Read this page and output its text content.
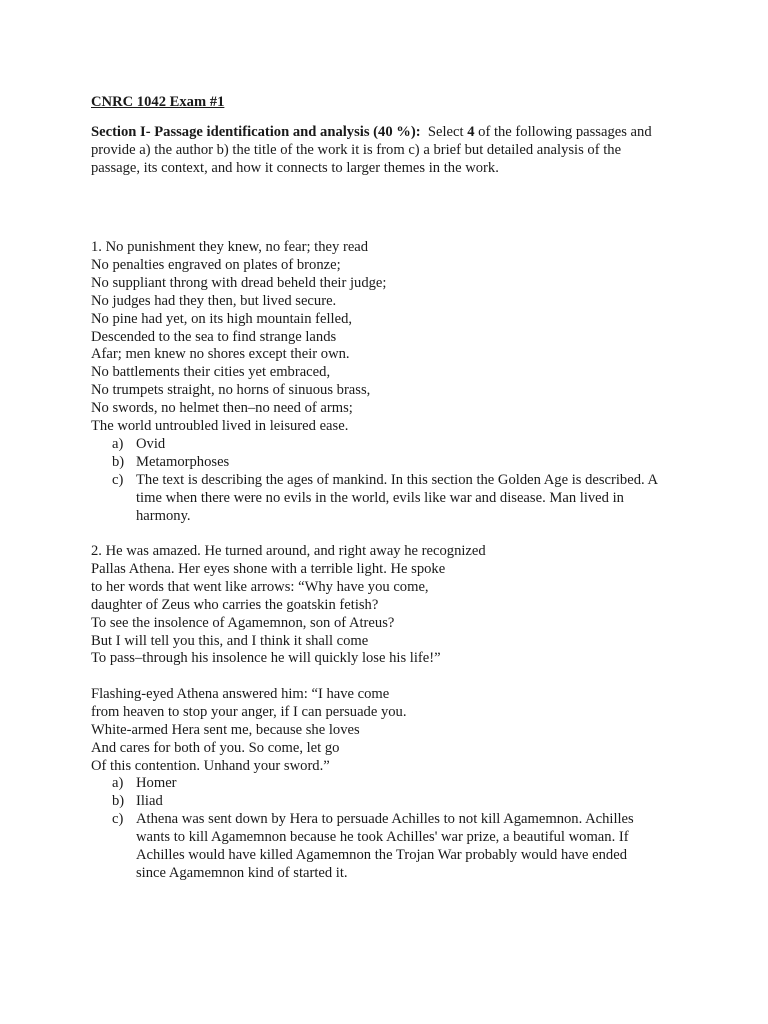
CNRC 1042 Exam #1
Section I- Passage identification and analysis (40 %): Select 4 of the following passages and
provide a) the author b) the title of the work it is from c) a brief but detailed analysis of the
passage, its context, and how it connects to larger themes in the work.
1. No punishment they knew, no fear; they read
No penalties engraved on plates of bronze;
No suppliant throng with dread beheld their judge;
No judges had they then, but lived secure.
No pine had yet, on its high mountain felled,
Descended to the sea to find strange lands
Afar; men knew no shores except their own.
No battlements their cities yet embraced,
No trumpets straight, no horns of sinuous brass,
No swords, no helmet then–no need of arms;
The world untroubled lived in leisured ease.
a) Ovid
b) Metamorphoses
c) The text is describing the ages of mankind. In this section the Golden Age is described. A
time when there were no evils in the world, evils like war and disease. Man lived in
harmony.
2. He was amazed. He turned around, and right away he recognized
Pallas Athena. Her eyes shone with a terrible light. He spoke
to her words that went like arrows: “Why have you come,
daughter of Zeus who carries the goatskin fetish?
To see the insolence of Agamemnon, son of Atreus?
But I will tell you this, and I think it shall come
To pass–through his insolence he will quickly lose his life!”
Flashing-eyed Athena answered him: “I have come
from heaven to stop your anger, if I can persuade you.
White-armed Hera sent me, because she loves
And cares for both of you. So come, let go
Of this contention. Unhand your sword.”
a) Homer
b) Iliad
c) Athena was sent down by Hera to persuade Achilles to not kill Agamemnon. Achilles
wants to kill Agamemnon because he took Achilles' war prize, a beautiful woman. If
Achilles would have killed Agamemnon the Trojan War probably would have ended
since Agamemnon kind of started it.
